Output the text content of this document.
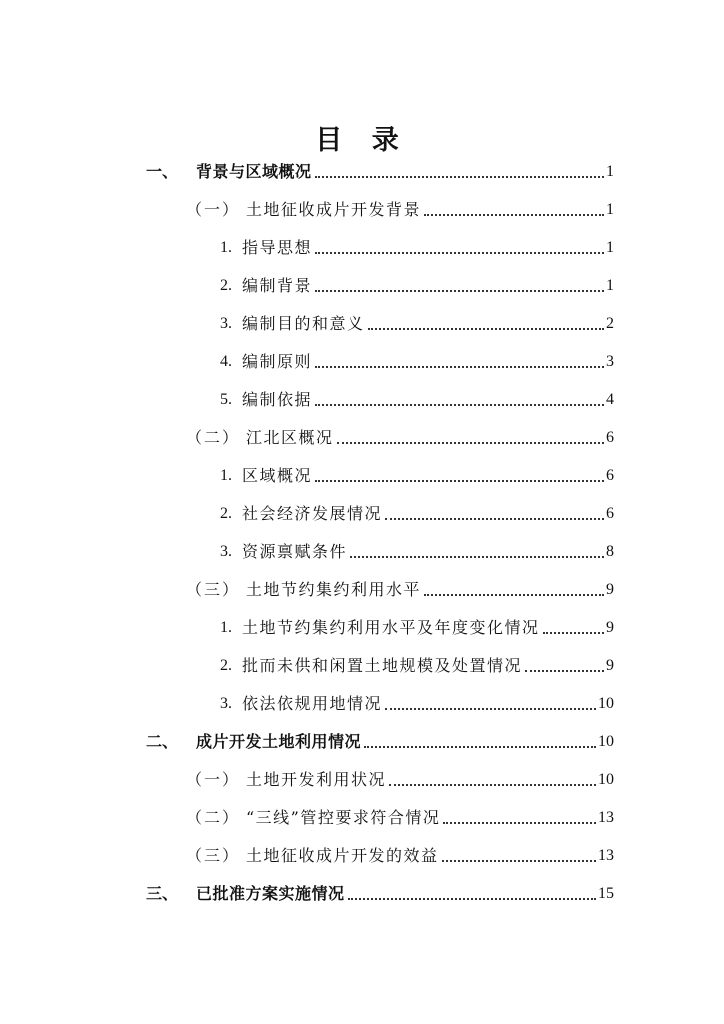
目 录
一、	背景与区域概况	1
（一） 土地征收成片开发背景	1
1. 指导思想	1
2. 编制背景	1
3. 编制目的和意义	2
4. 编制原则	3
5. 编制依据	4
（二） 江北区概况	6
1. 区域概况	6
2. 社会经济发展情况	6
3. 资源禀赋条件	8
（三） 土地节约集约利用水平	9
1. 土地节约集约利用水平及年度变化情况	9
2. 批而未供和闲置土地规模及处置情况	9
3. 依法依规用地情况	10
二、	成片开发土地利用情况	10
（一） 土地开发利用状况	10
（二） “三线”管控要求符合情况	13
（三） 土地征收成片开发的效益	13
三、	已批准方案实施情况	15
